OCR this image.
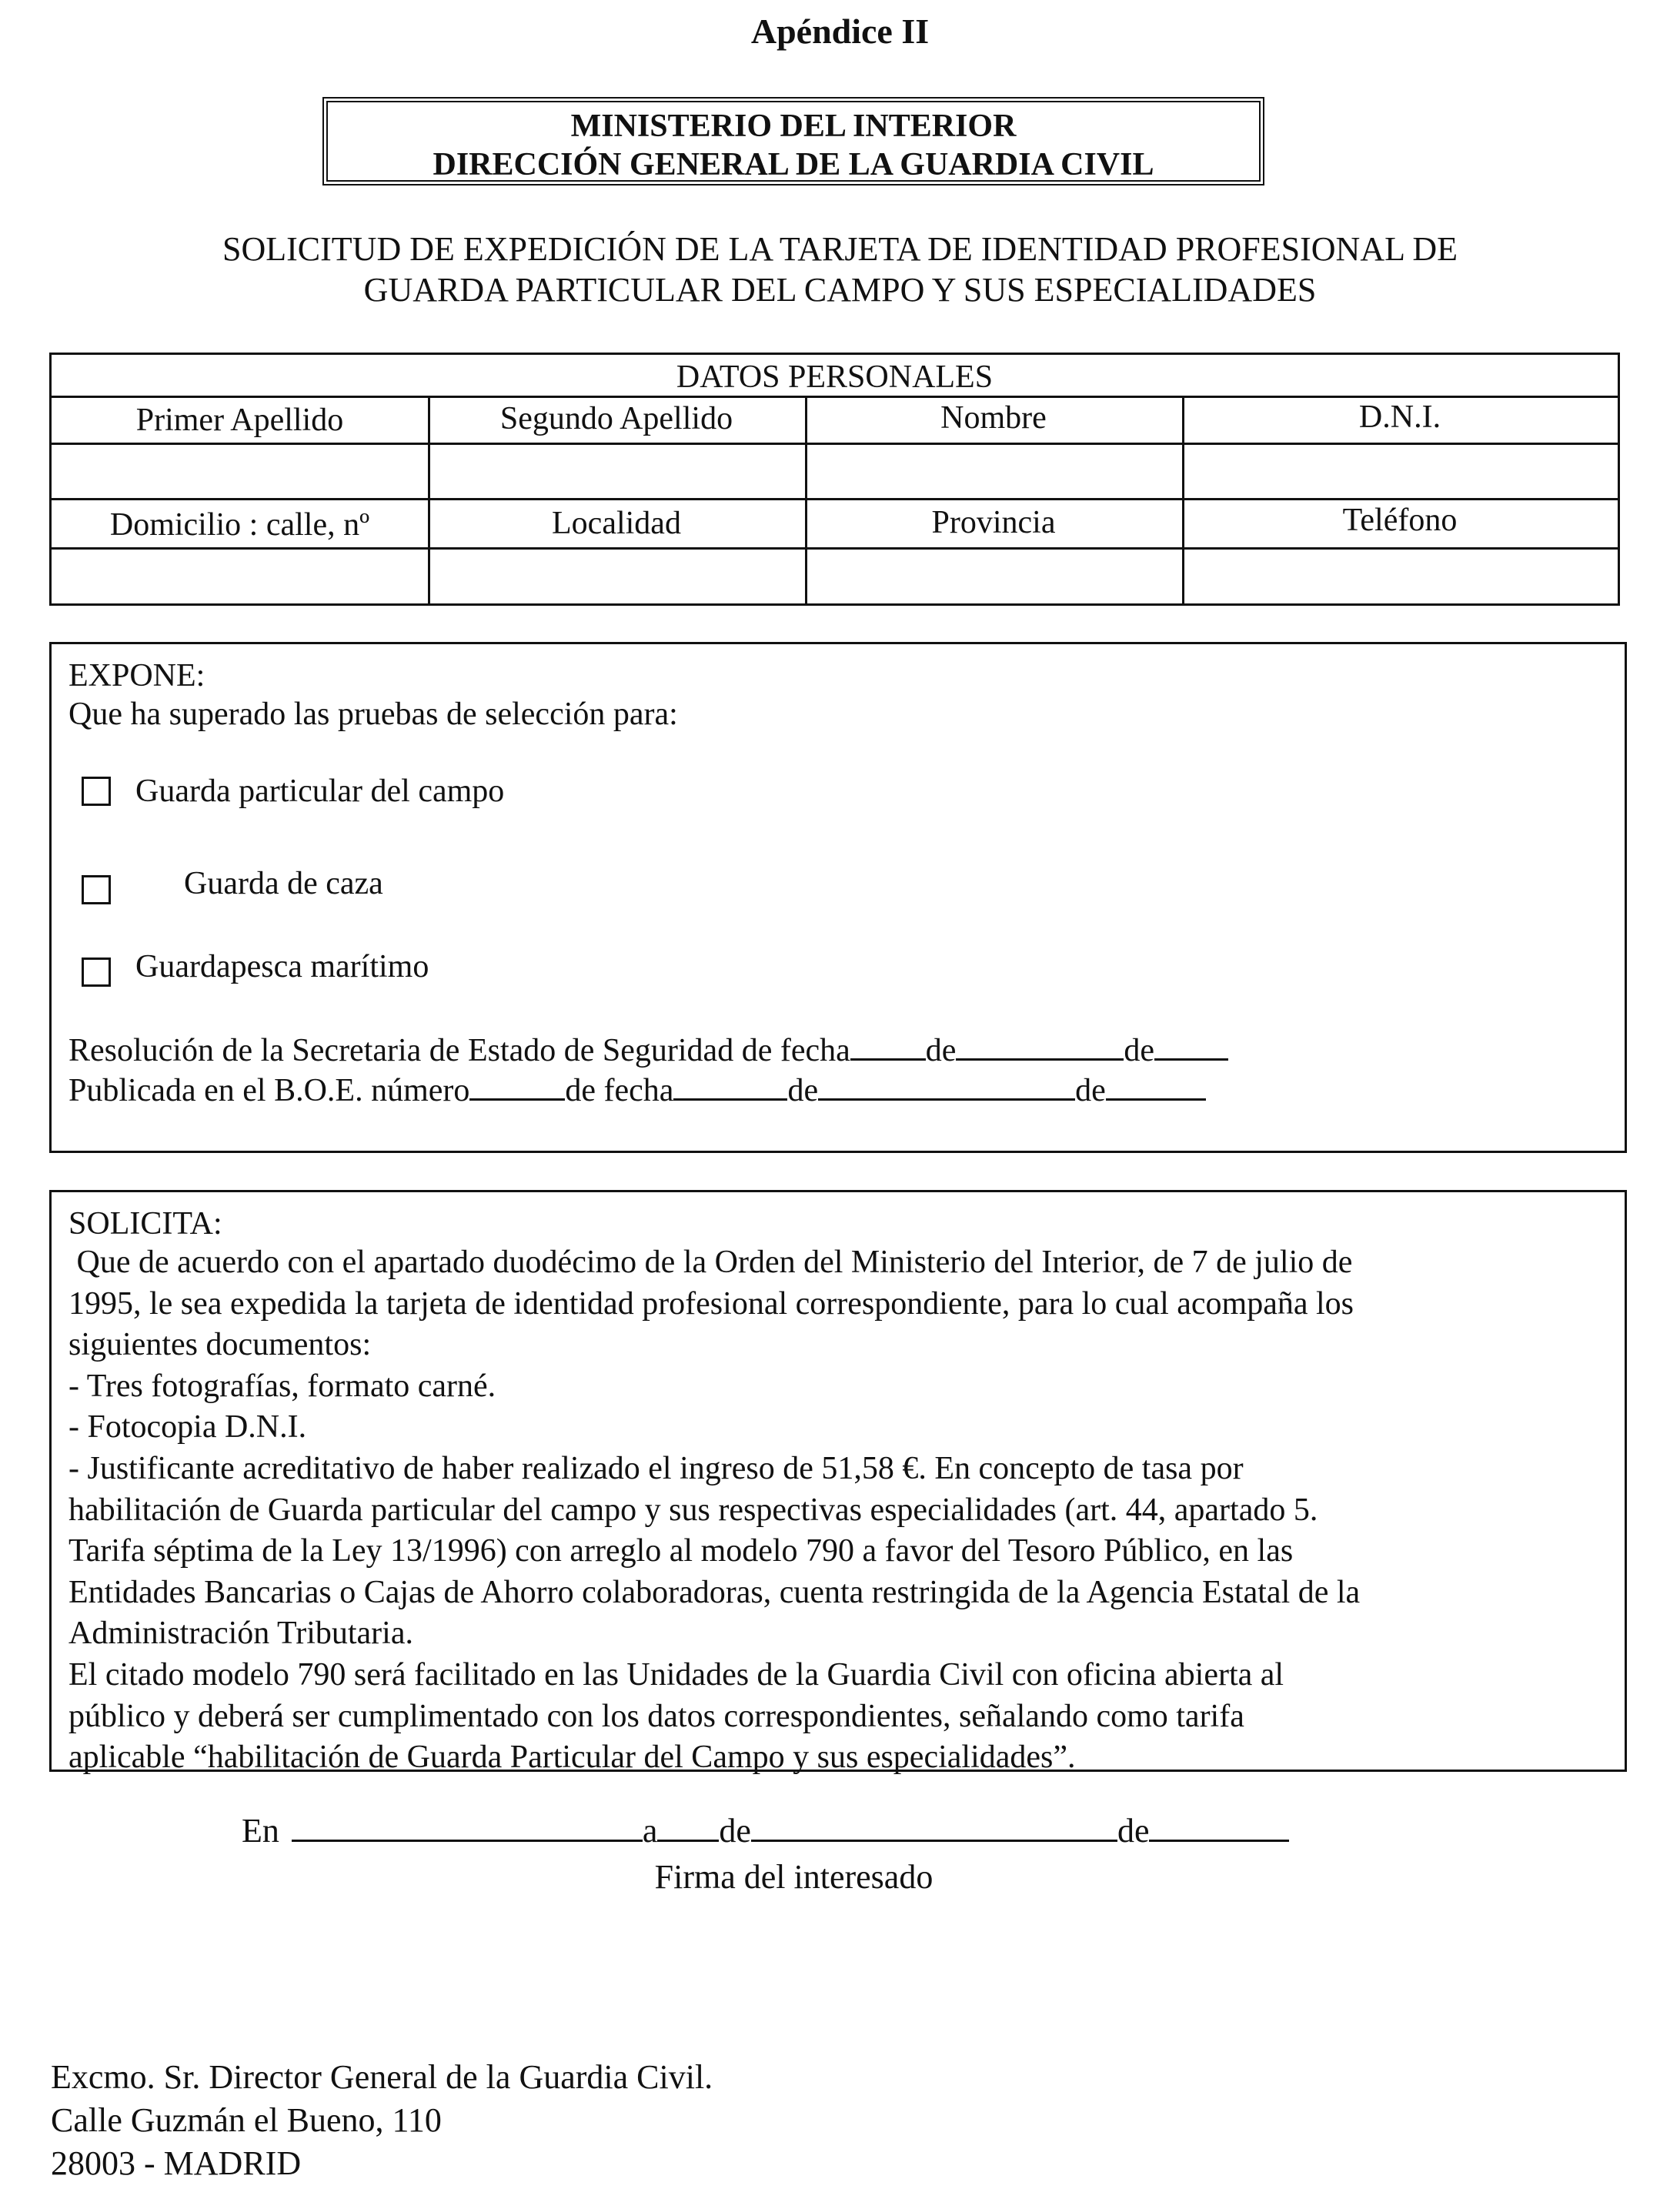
Apéndice II
MINISTERIO DEL INTERIOR
DIRECCIÓN GENERAL DE LA GUARDIA CIVIL
SOLICITUD DE EXPEDICIÓN DE LA TARJETA DE IDENTIDAD PROFESIONAL DE
GUARDA PARTICULAR DEL CAMPO Y SUS ESPECIALIDADES
DATOS PERSONALES
Primer Apellido	Segundo Apellido	Nombre	D.N.I.
Domicilio : calle, nº	Localidad	Provincia	Teléfono
EXPONE:
Que ha superado las pruebas de selección para:
Guarda particular del campo
Guarda de caza
Guardapesca marítimo
Resolución de la Secretaria de Estado de Seguridad de fecha de	de
Publicada en el B.O.E. número	de fecha	de	de
SOLICITA:
Que de acuerdo con el apartado duodécimo de la Orden del Ministerio del Interior, de 7 de julio de
1995, le sea expedida la tarjeta de identidad profesional correspondiente, para lo cual acompaña los
siguientes documentos:
- Tres fotografías, formato carné.
- Fotocopia D.N.I.
- Justificante acreditativo de haber realizado el ingreso de 51,58 €. En concepto de tasa por
habilitación de Guarda particular del campo y sus respectivas especialidades (art. 44, apartado 5.
Tarifa séptima de la Ley 13/1996) con arreglo al modelo 790 a favor del Tesoro Público, en las
Entidades Bancarias o Cajas de Ahorro colaboradoras, cuenta restringida de la Agencia Estatal de la
Administración Tributaria.
El citado modelo 790 será facilitado en las Unidades de la Guardia Civil con oficina abierta al
público y deberá ser cumplimentado con los datos correspondientes, señalando como tarifa
aplicable “habilitación de Guarda Particular del Campo y sus especialidades”.
En	a de	de
Firma del interesado
Excmo. Sr. Director General de la Guardia Civil.
Calle Guzmán el Bueno, 110
28003 - MADRID
